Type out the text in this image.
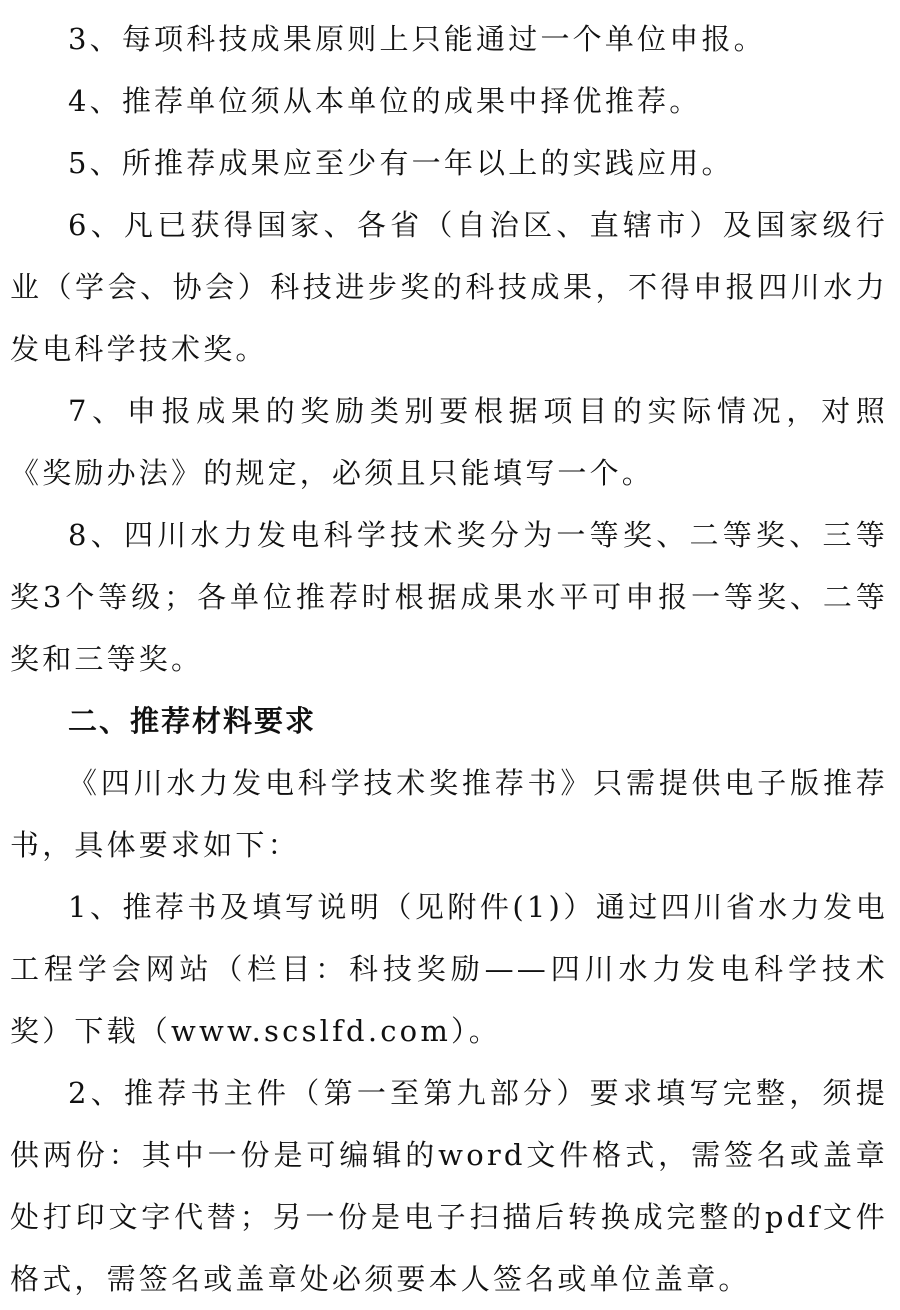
3、每项科技成果原则上只能通过一个单位申报。

4、推荐单位须从本单位的成果中择优推荐。

5、所推荐成果应至少有一年以上的实践应用。

6、凡已获得国家、各省（自治区、直辖市）及国家级行业（学会、协会）科技进步奖的科技成果，不得申报四川水力发电科学技术奖。

7、申报成果的奖励类别要根据项目的实际情况，对照《奖励办法》的规定，必须且只能填写一个。

8、四川水力发电科学技术奖分为一等奖、二等奖、三等奖3个等级；各单位推荐时根据成果水平可申报一等奖、二等奖和三等奖。

二、推荐材料要求

《四川水力发电科学技术奖推荐书》只需提供电子版推荐书，具体要求如下：

1、推荐书及填写说明（见附件(1)）通过四川省水力发电工程学会网站（栏目：科技奖励——四川水力发电科学技术奖）下载（www.scslfd.com）。

2、推荐书主件（第一至第九部分）要求填写完整，须提供两份：其中一份是可编辑的word文件格式，需签名或盖章处打印文字代替；另一份是电子扫描后转换成完整的pdf文件格式，需签名或盖章处必须要本人签名或单位盖章。
